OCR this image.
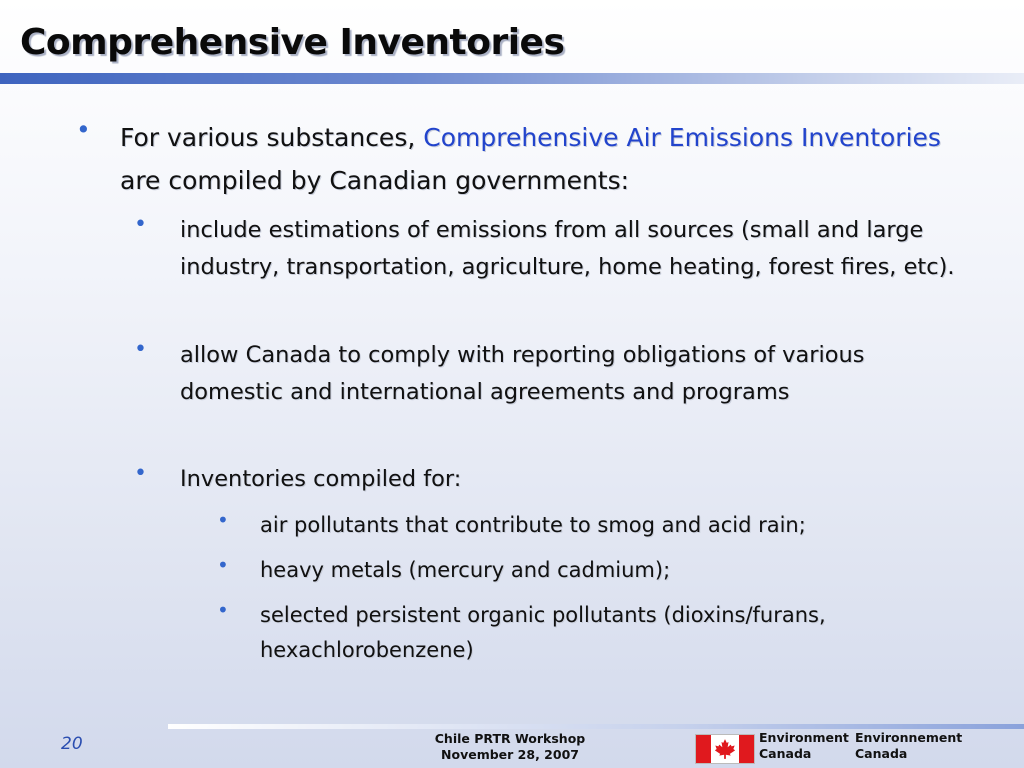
Comprehensive Inventories
• For various substances, Comprehensive Air Emissions Inventories are compiled by Canadian governments:
• include estimations of emissions from all sources (small and large industry, transportation, agriculture, home heating, forest fires, etc).
• allow Canada to comply with reporting obligations of various domestic and international agreements and programs
• Inventories compiled for:
• air pollutants that contribute to smog and acid rain;
• heavy metals (mercury and cadmium);
• selected persistent organic pollutants (dioxins/furans, hexachlorobenzene)
20	Chile PRTR Workshop
November 28, 2007
Environment
Canada
Environnement
Canada
